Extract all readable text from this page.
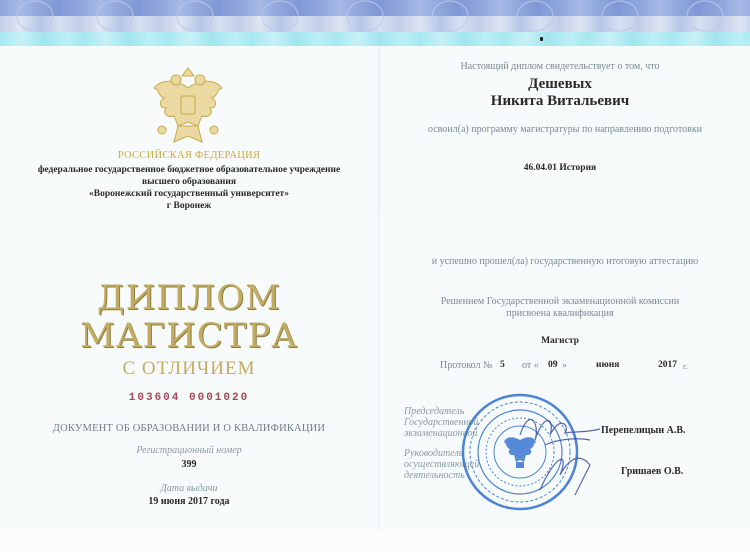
РОССИЙСКАЯ ФЕДЕРАЦИЯ
федеральное государственное бюджетное образовательное учреждение
высшего образования
«Воронежский государственный университет»
г Воронеж
ДИПЛОМ
МАГИСТРА
С ОТЛИЧИЕМ
103604 0001020
ДОКУМЕНТ ОБ ОБРАЗОВАНИИ И О КВАЛИФИКАЦИИ
Регистрационный номер
399
Дата выдачи
19 июня 2017 года
Настоящий диплом свидетельствует о том, что
Дешевых
Никита Витальевич
освоил(а) программу магистратуры по направлению подготовки
46.04.01 История
и успешно прошел(ла) государственную итоговую аттестацию
Решением Государственной экзаменационной комиссии
присвоена квалификация
Магистр
Протокол № 5 от « 09 »	июня	2017 г.
Председатель
Государственной
экзаменационной
Руководитель
осуществляющей
деятельность
Перепелицын А.В.
Гришаев О.В.
